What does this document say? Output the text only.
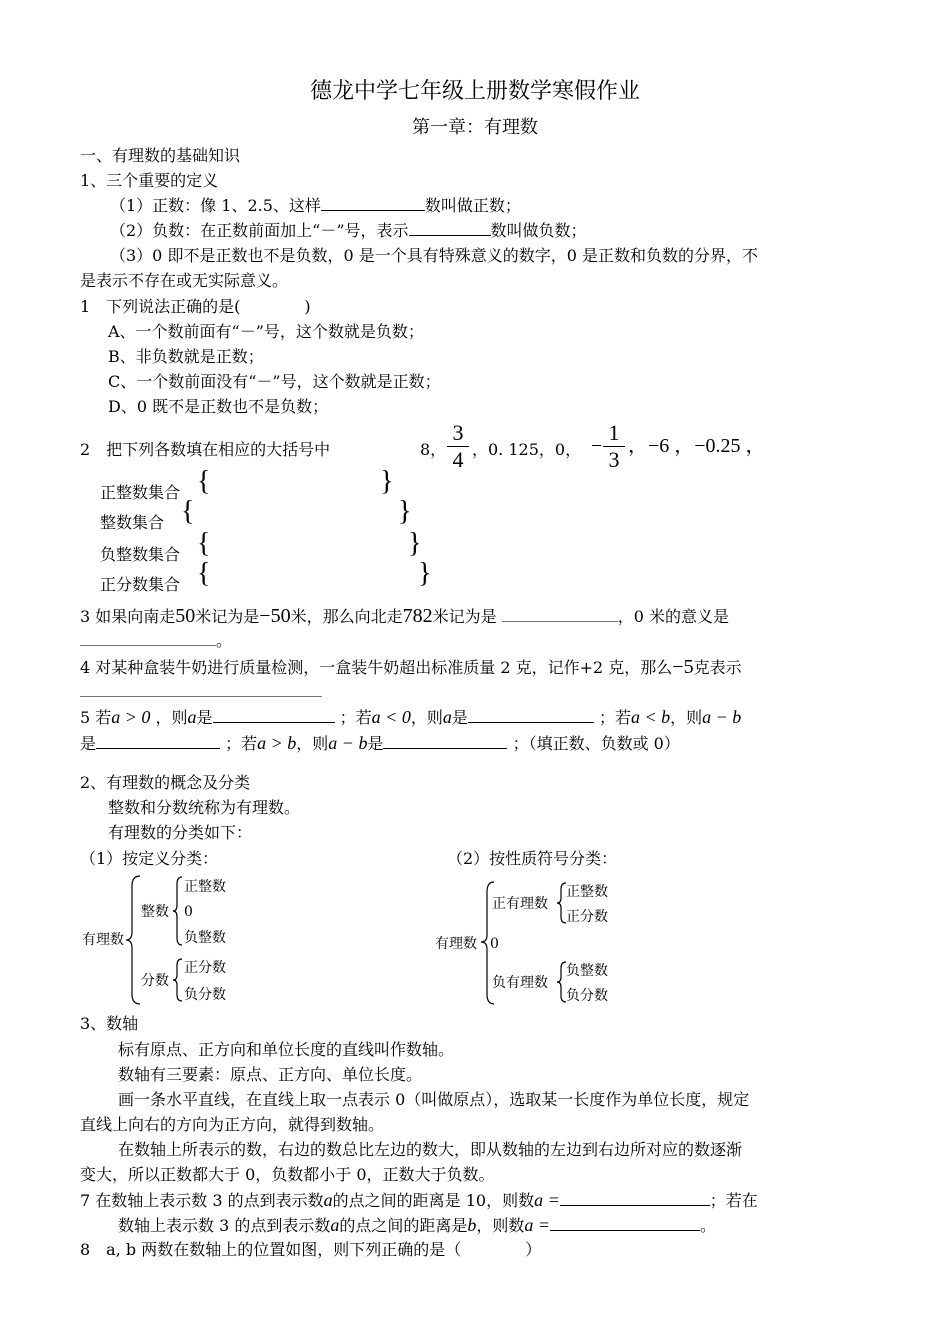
德龙中学七年级上册数学寒假作业
第一章：有理数
一、有理数的基础知识
1、三个重要的定义
（1）正数：像 1、2.5、这样	数叫做正数；
（2）负数：在正数前面加上“－”号，表示	数叫做负数；
（3）0 即不是正数也不是负数，0 是一个具有特殊意义的数字，0 是正数和负数的分界，不
是表示不存在或无实际意义。
1　下列说法正确的是(　　　　)
A、一个数前面有“－”号，这个数就是负数；
B、非负数就是正数；
C、一个数前面没有“－”号，这个数就是正数；
D、0 既不是正数也不是负数；
2　把下列各数填在相应的大括号中	8，
3
4 ，0. 125，0， −
1
3
，−6 ，−0.25 ，
正整数集合 {	}
整数集合 {	}
负整数集合 {	}
正分数集合 {	}
3 如果向南走50米记为是−50米，那么向北走782米记为是	，0 米的意义是
。
4 对某种盒装牛奶进行质量检测，一盒装牛奶超出标准质量 2 克，记作+2 克，那么−5克表示
5 若a > 0 ，则a是	；若a < 0，则a是	；若a < b，则a − b
是	；若a > b，则a − b是	；（填正数、负数或 0）
2、有理数的概念及分类
整数和分数统称为有理数。
有理数的分类如下：
（1）按定义分类：	（2）按性质符号分类：
有理数
整数
正整数
0
负整数
分数
正分数
负分数
有理数 0
正有理数
正整数
正分数
负有理数
负整数
负分数
3、数轴
标有原点、正方向和单位长度的直线叫作数轴。
数轴有三要素：原点、正方向、单位长度。
画一条水平直线，在直线上取一点表示 0（叫做原点），选取某一长度作为单位长度，规定
直线上向右的方向为正方向，就得到数轴。
在数轴上所表示的数，右边的数总比左边的数大，即从数轴的左边到右边所对应的数逐渐
变大，所以正数都大于 0，负数都小于 0，正数大于负数。
7 在数轴上表示数 3 的点到表示数a的点之间的距离是 10，则数a =	；若在
数轴上表示数 3 的点到表示数a的点之间的距离是b，则数a =	。
8　a, b 两数在数轴上的位置如图，则下列正确的是（　　　　）
